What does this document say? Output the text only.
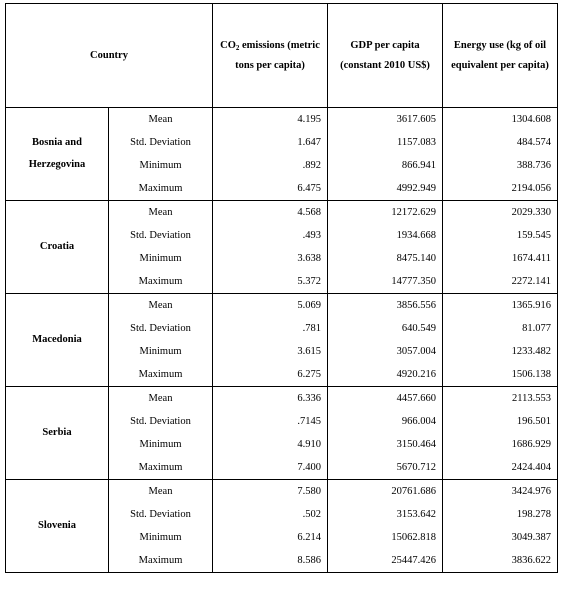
Country		$CO_2$ emissions (metric tons per capita)	GDP per capita (constant 2010 US$)	Energy use (kg of oil equivalent per capita)
Bosnia and Herzegovina	Mean	4.195	3617.605	1304.608
	Std. Deviation	1.647	1157.083	484.574
	Minimum	.892	866.941	388.736
	Maximum	6.475	4992.949	2194.056
Croatia	Mean	4.568	12172.629	2029.330
	Std. Deviation	.493	1934.668	159.545
	Minimum	3.638	8475.140	1674.411
	Maximum	5.372	14777.350	2272.141
Macedonia	Mean	5.069	3856.556	1365.916
	Std. Deviation	.781	640.549	81.077
	Minimum	3.615	3057.004	1233.482
	Maximum	6.275	4920.216	1506.138
Serbia	Mean	6.336	4457.660	2113.553
	Std. Deviation	.7145	966.004	196.501
	Minimum	4.910	3150.464	1686.929
	Maximum	7.400	5670.712	2424.404
Slovenia	Mean	7.580	20761.686	3424.976
	Std. Deviation	.502	3153.642	198.278
	Minimum	6.214	15062.818	3049.387
	Maximum	8.586	25447.426	3836.622
